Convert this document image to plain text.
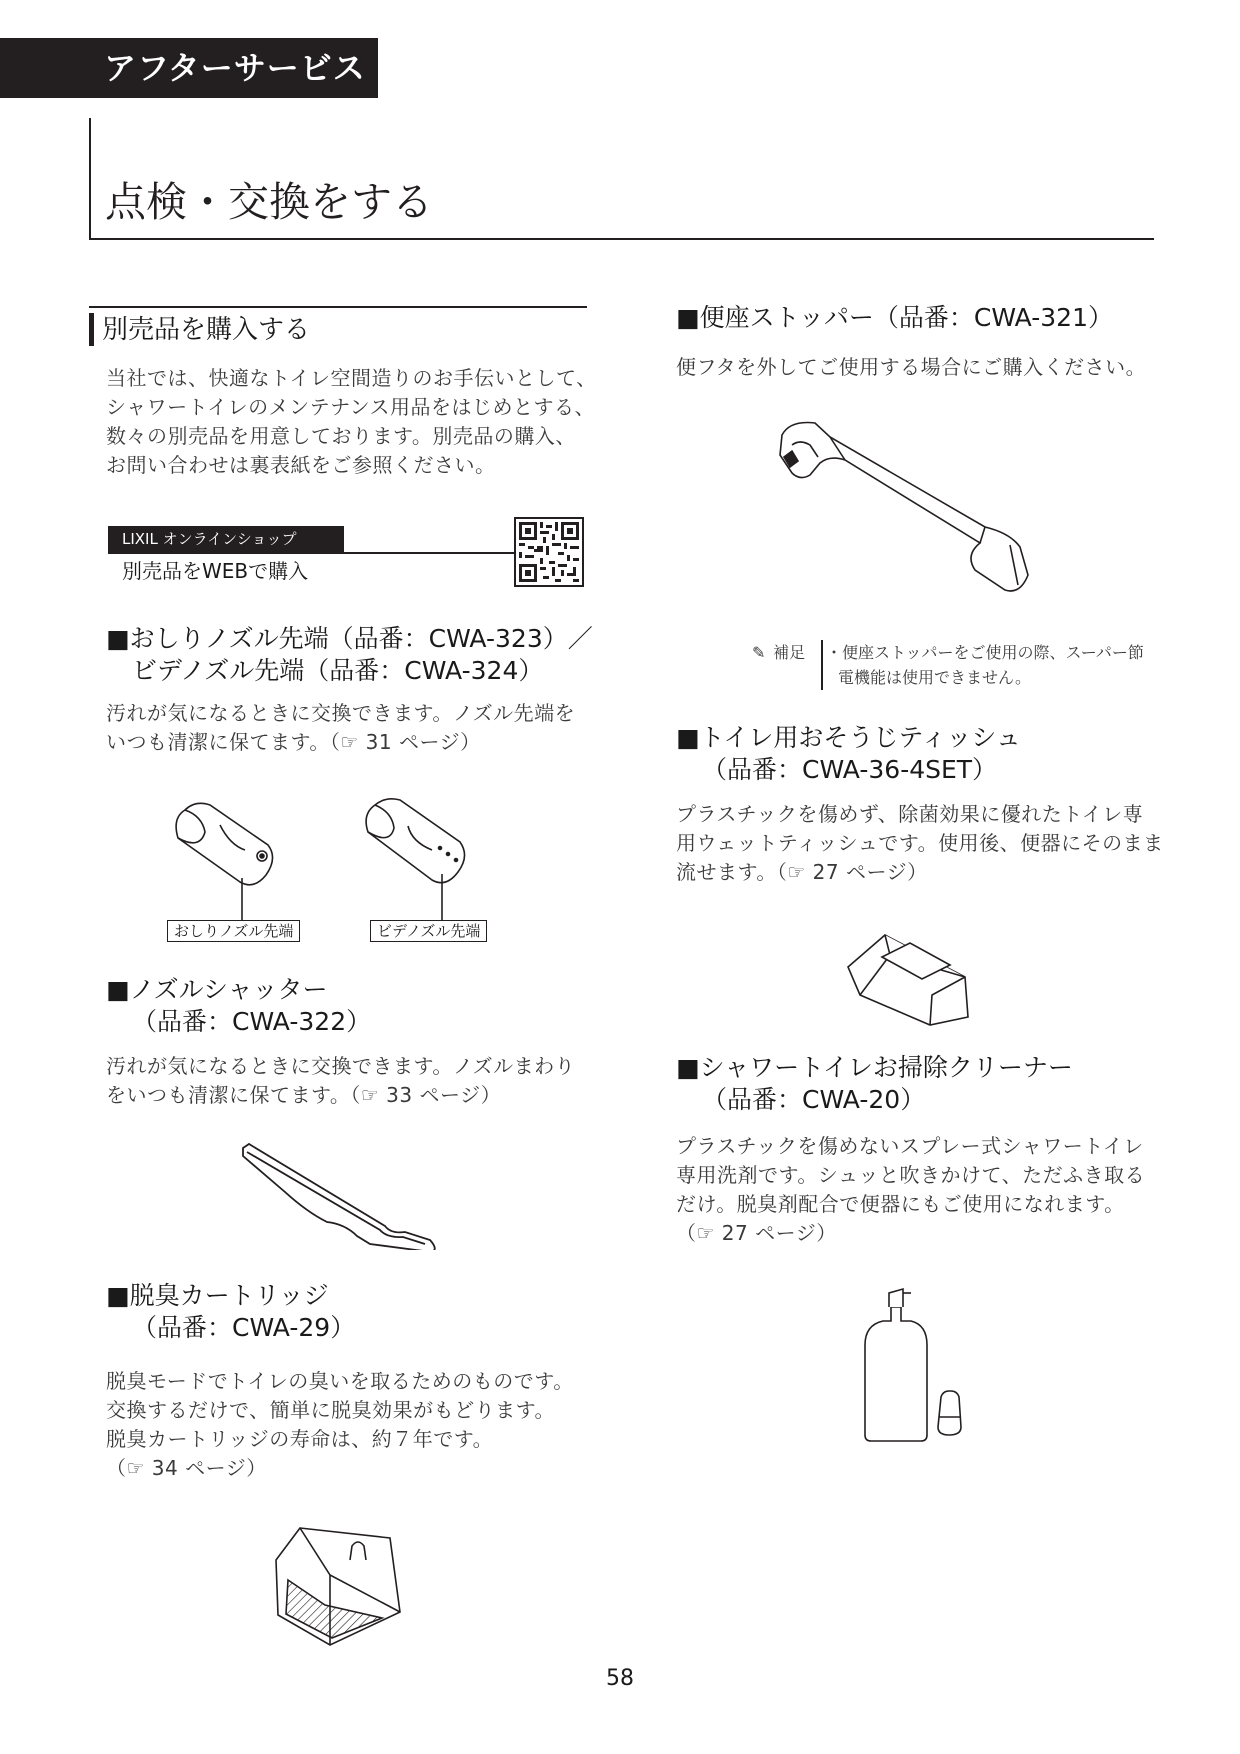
アフターサービス
点検・交換をする
別売品を購入する
当社では、快適なトイレ空間造りのお手伝いとして、
シャワートイレのメンテナンス用品をはじめとする、
数々の別売品を用意しております。別売品の購入、
お問い合わせは裏表紙をご参照ください。
LIXIL オンラインショップ
別売品をWEBで購入
■おしりノズル先端（品番：CWA-323）／
ビデノズル先端（品番：CWA-324）
汚れが気になるときに交換できます。ノズル先端を
いつも清潔に保てます。（☞ 31 ページ）
おしりノズル先端	ビデノズル先端
■ノズルシャッター
（品番：CWA-322）
汚れが気になるときに交換できます。ノズルまわり
をいつも清潔に保てます。（☞ 33 ページ）
■脱臭カートリッジ
（品番：CWA-29）
脱臭モードでトイレの臭いを取るためのものです。
交換するだけで、簡単に脱臭効果がもどります。
脱臭カートリッジの寿命は、約７年です。
（☞ 34 ページ）
■便座ストッパー（品番：CWA-321）
便フタを外してご使用する場合にご購入ください。
✎ 補足 ・便座ストッパーをご使用の際、スーパー節
電機能は使用できません。
■トイレ用おそうじティッシュ
（品番：CWA-36-4SET）
プラスチックを傷めず、除菌効果に優れたトイレ専
用ウェットティッシュです。使用後、便器にそのまま
流せます。（☞ 27 ページ）
■シャワートイレお掃除クリーナー
（品番：CWA-20）
プラスチックを傷めないスプレー式シャワートイレ
専用洗剤です。シュッと吹きかけて、ただふき取る
だけ。脱臭剤配合で便器にもご使用になれます。
（☞ 27 ページ）
58
